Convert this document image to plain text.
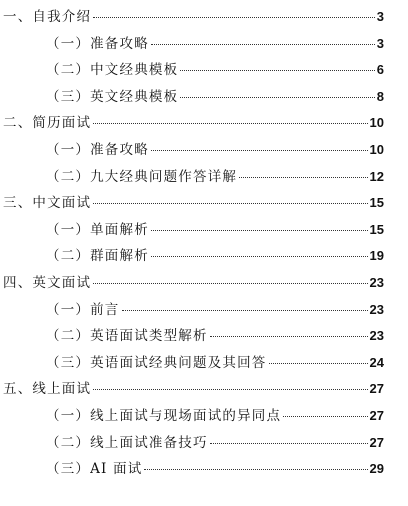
一、自我介绍	3
（一）准备攻略	3
（二）中文经典模板	6
（三）英文经典模板	8
二、简历面试	10
（一）准备攻略	10
（二）九大经典问题作答详解	12
三、中文面试	15
（一）单面解析	15
（二）群面解析	19
四、英文面试	23
（一）前言	23
（二）英语面试类型解析	23
（三）英语面试经典问题及其回答	24
五、线上面试	27
（一）线上面试与现场面试的异同点	27
（二）线上面试准备技巧	27
（三）AI 面试	29
